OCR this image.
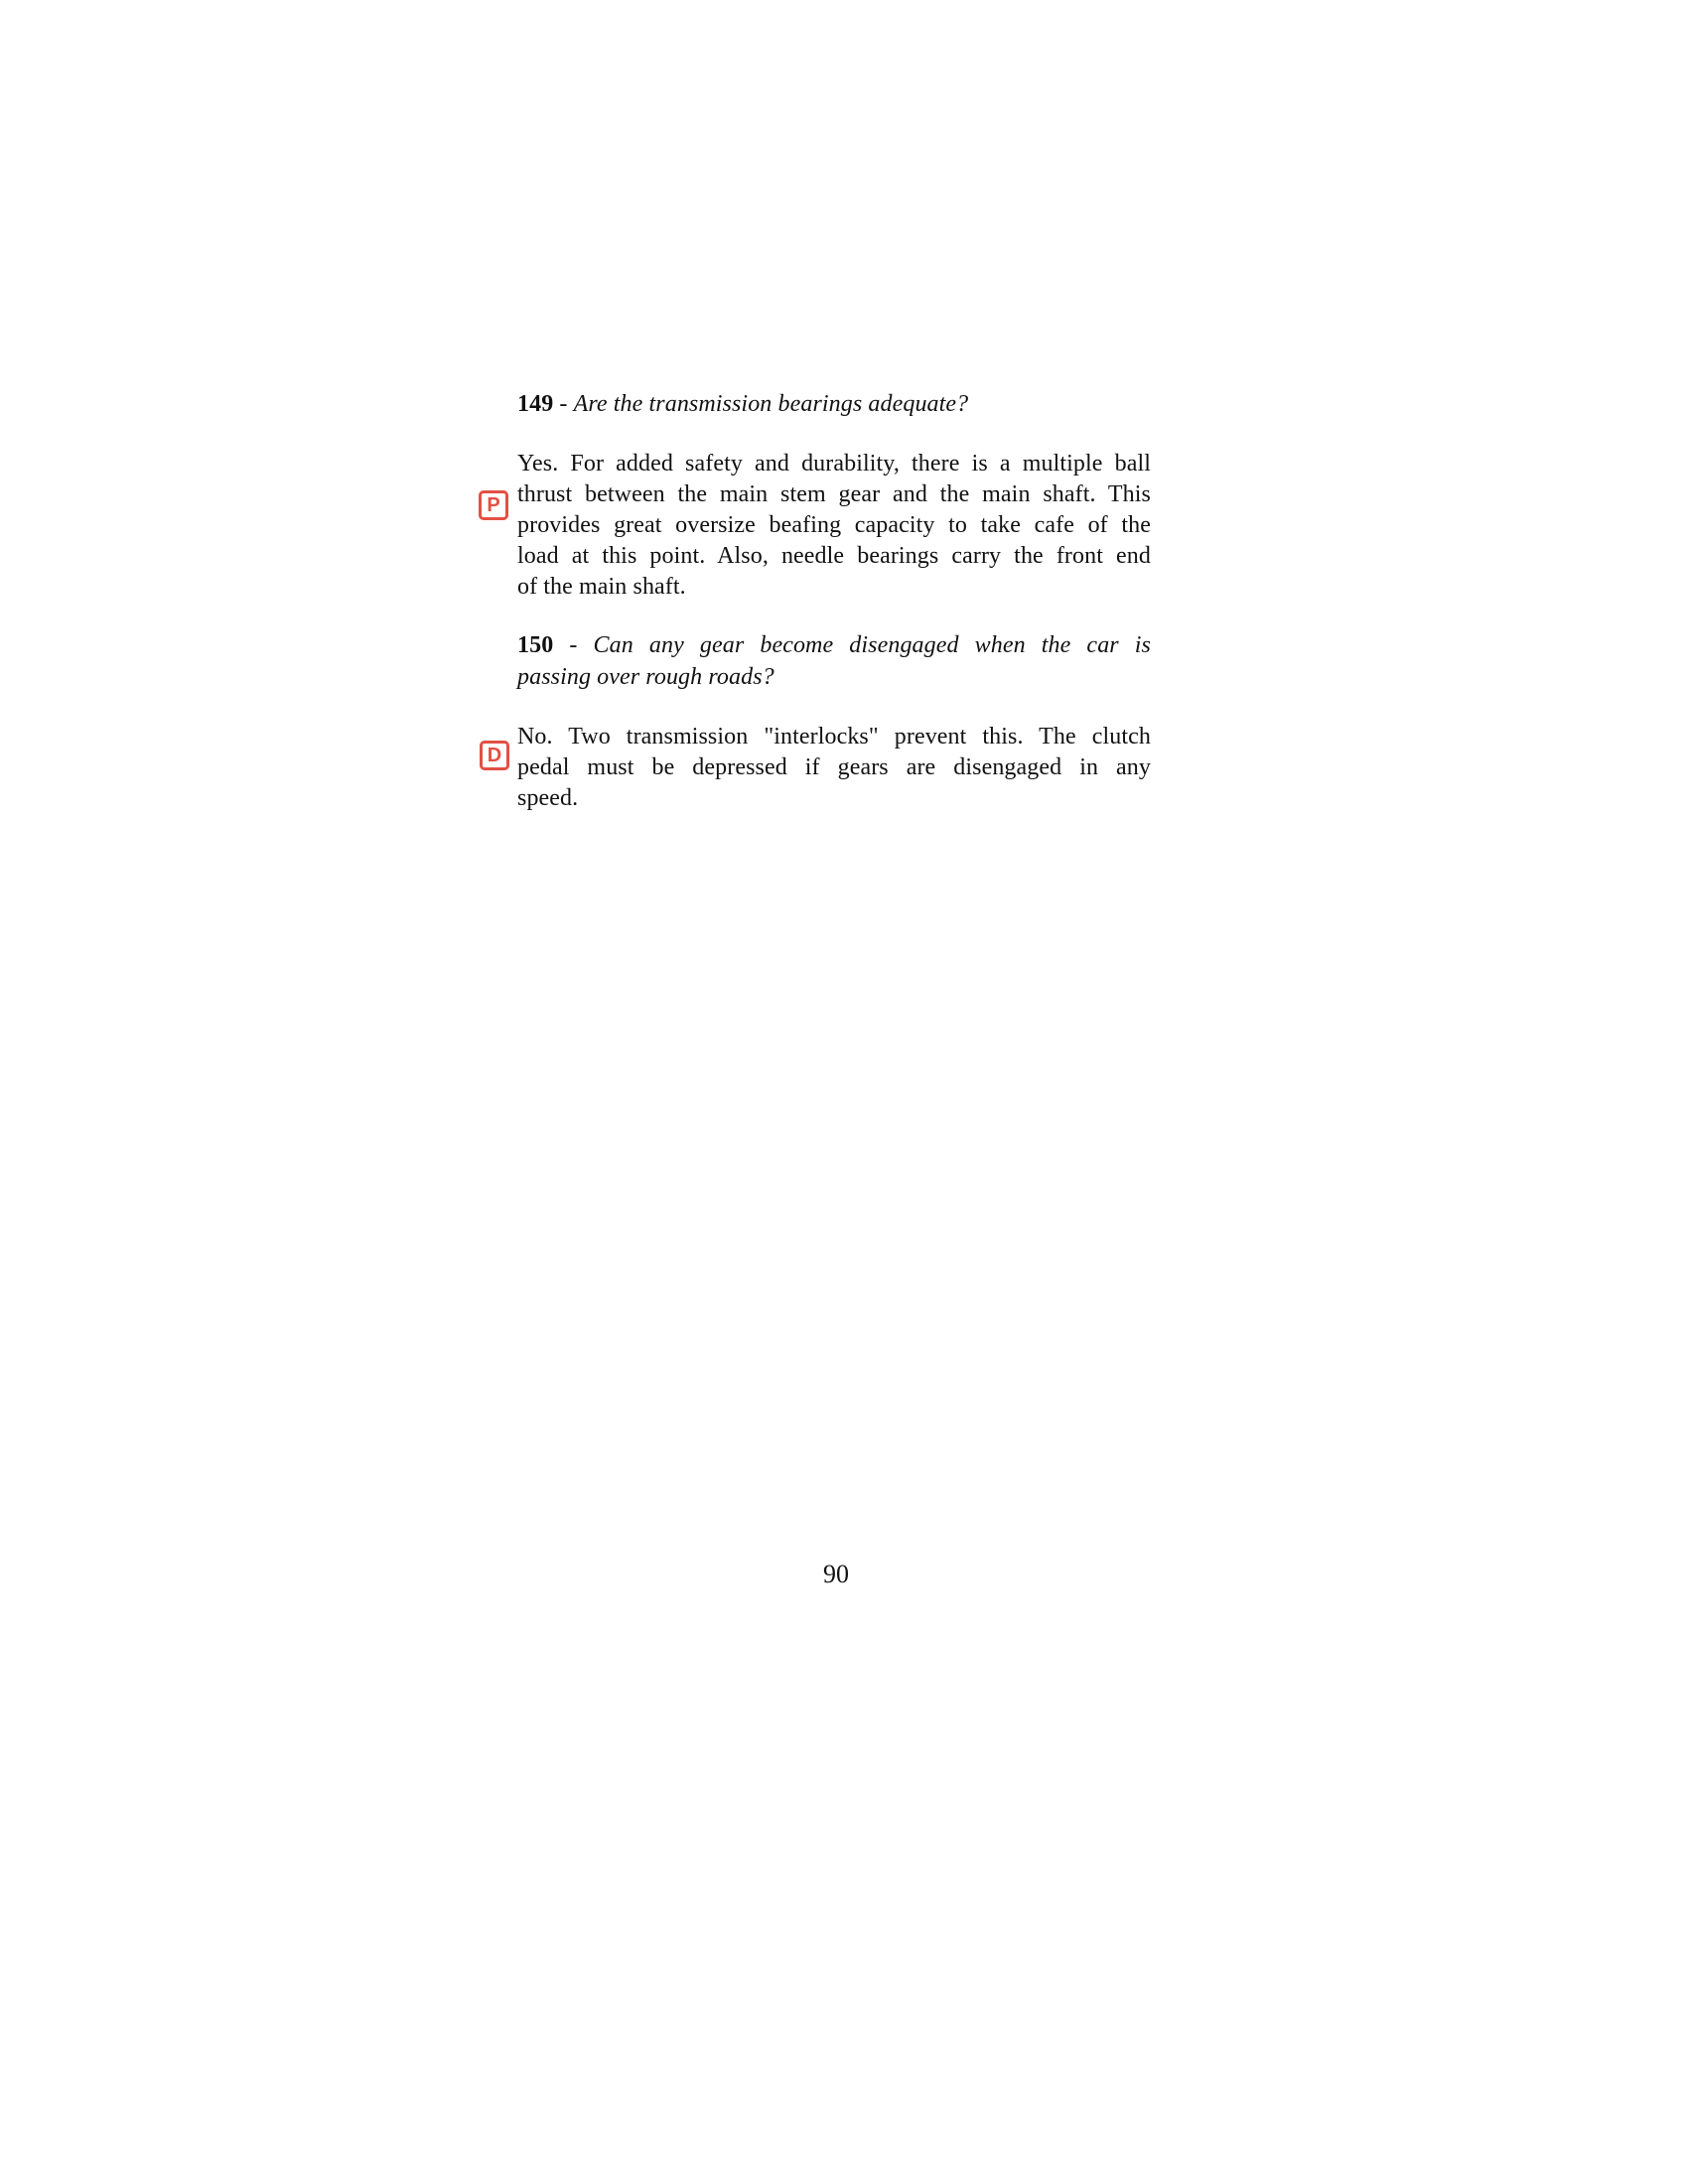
149 - Are the transmission bearings adequate?
P
Yes. For added safety and durability, there is a multiple ball
thrust between the main stem gear and the main shaft. This
provides great oversize beafing capacity to take cafe of the
load at this point. Also, needle bearings carry the front end
of the main shaft.
150 - Can any gear become disengaged when the car is
passing over rough roads?
D
No. Two transmission "interlocks" prevent this. The clutch
pedal must be depressed if gears are disengaged in any
speed.
90
